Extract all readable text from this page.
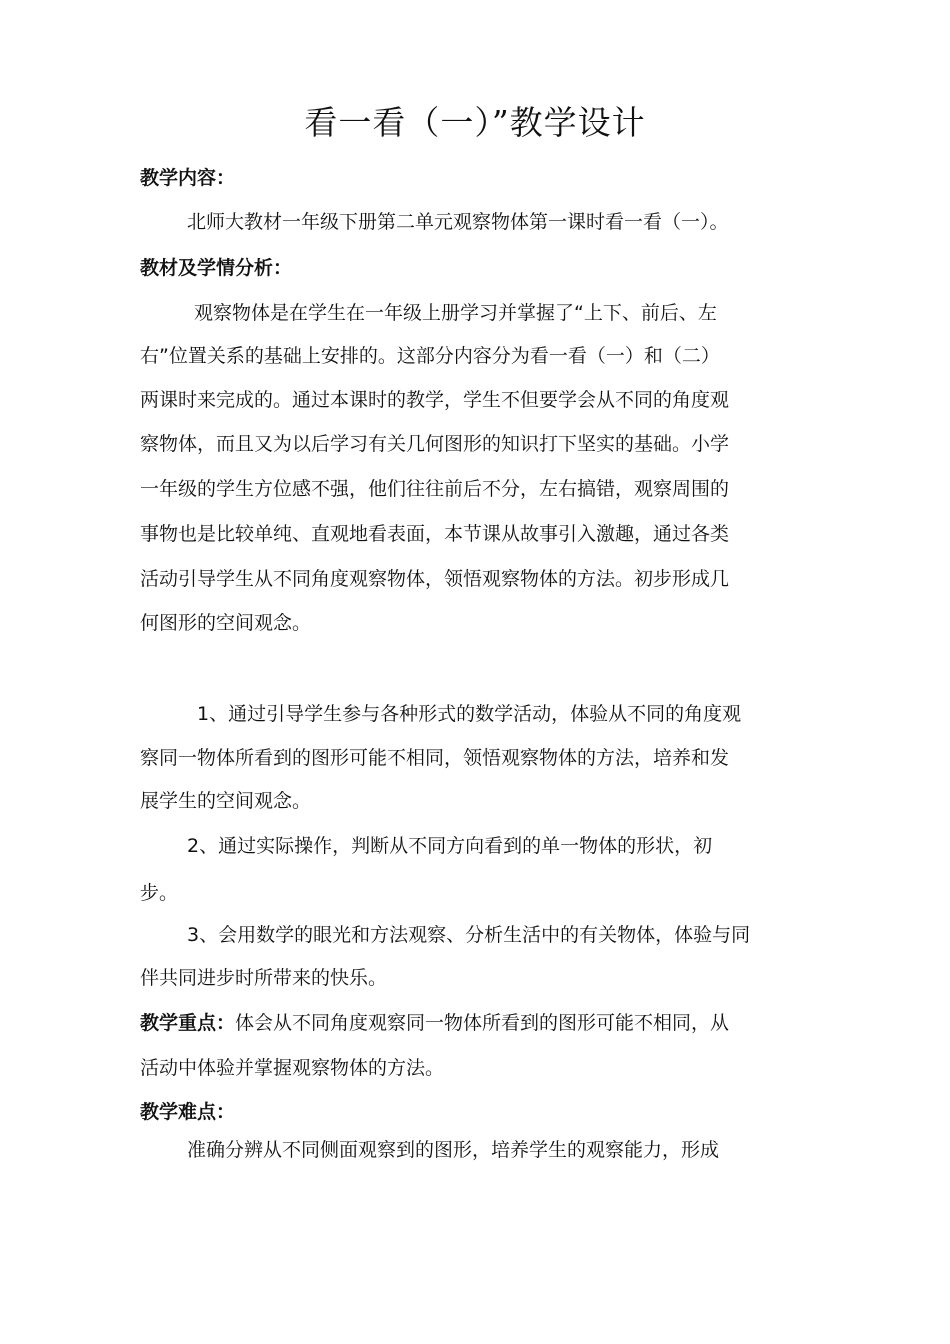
看一看（一）”教学设计
教学内容：
北师大教材一年级下册第二单元观察物体第一课时看一看（一）。
教材及学情分析：
观察物体是在学生在一年级上册学习并掌握了“上下、前后、左
右”位置关系的基础上安排的。这部分内容分为看一看（一）和（二）
两课时来完成的。通过本课时的教学，学生不但要学会从不同的角度观
察物体，而且又为以后学习有关几何图形的知识打下坚实的基础。小学
一年级的学生方位感不强，他们往往前后不分，左右搞错，观察周围的
事物也是比较单纯、直观地看表面，本节课从故事引入激趣，通过各类
活动引导学生从不同角度观察物体，领悟观察物体的方法。初步形成几
何图形的空间观念。
1、通过引导学生参与各种形式的数学活动，体验从不同的角度观
察同一物体所看到的图形可能不相同，领悟观察物体的方法，培养和发
展学生的空间观念。
2、通过实际操作，判断从不同方向看到的单一物体的形状，初
步。
3、会用数学的眼光和方法观察、分析生活中的有关物体，体验与同
伴共同进步时所带来的快乐。
教学重点：体会从不同角度观察同一物体所看到的图形可能不相同，从
活动中体验并掌握观察物体的方法。
教学难点：
准确分辨从不同侧面观察到的图形，培养学生的观察能力，形成
